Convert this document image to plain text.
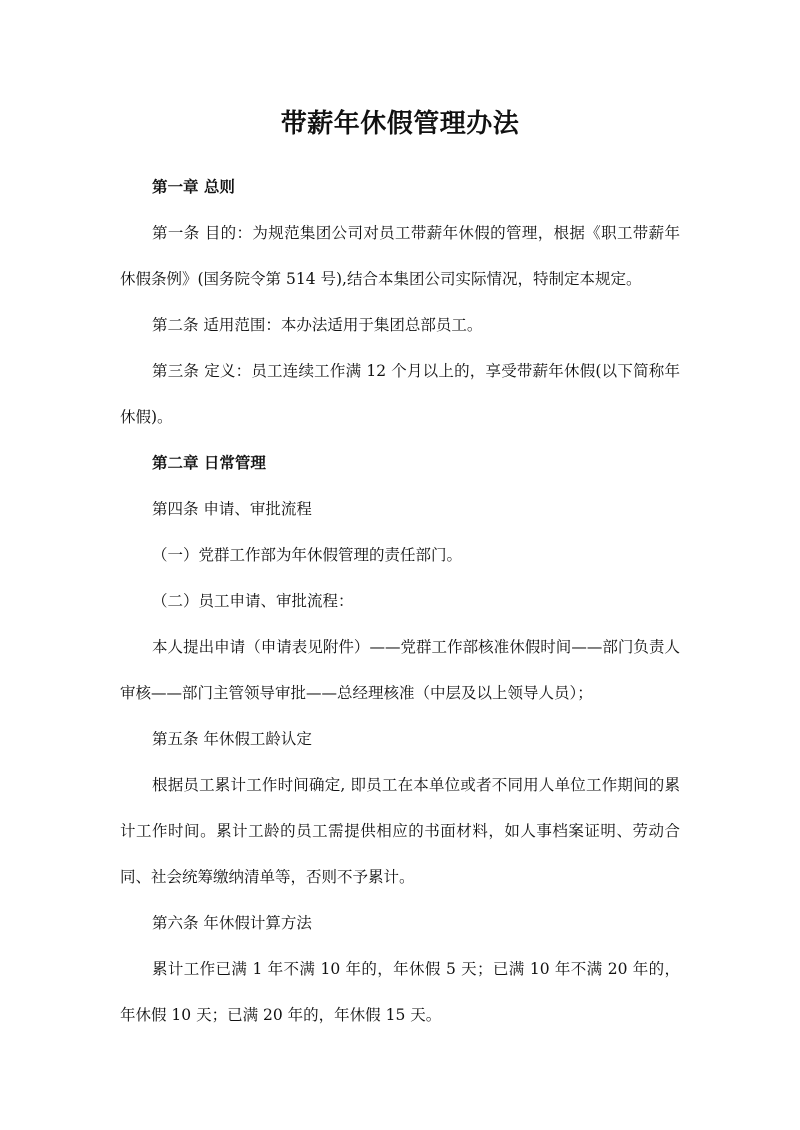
带薪年休假管理办法

第一章 总则

第一条 目的：为规范集团公司对员工带薪年休假的管理，根据《职工带薪年休假条例》(国务院令第 514 号),结合本集团公司实际情况，特制定本规定。

第二条 适用范围：本办法适用于集团总部员工。

第三条 定义：员工连续工作满 12 个月以上的，享受带薪年休假(以下简称年休假)。

第二章 日常管理

第四条 申请、审批流程

（一）党群工作部为年休假管理的责任部门。

（二）员工申请、审批流程：

本人提出申请（申请表见附件）——党群工作部核准休假时间——部门负责人审核——部门主管领导审批——总经理核准（中层及以上领导人员）；

第五条 年休假工龄认定

根据员工累计工作时间确定, 即员工在本单位或者不同用人单位工作期间的累计工作时间。累计工龄的员工需提供相应的书面材料，如人事档案证明、劳动合同、社会统筹缴纳清单等，否则不予累计。

第六条 年休假计算方法

累计工作已满 1 年不满 10 年的，年休假 5 天；已满 10 年不满 20 年的，年休假 10 天；已满 20 年的，年休假 15 天。
